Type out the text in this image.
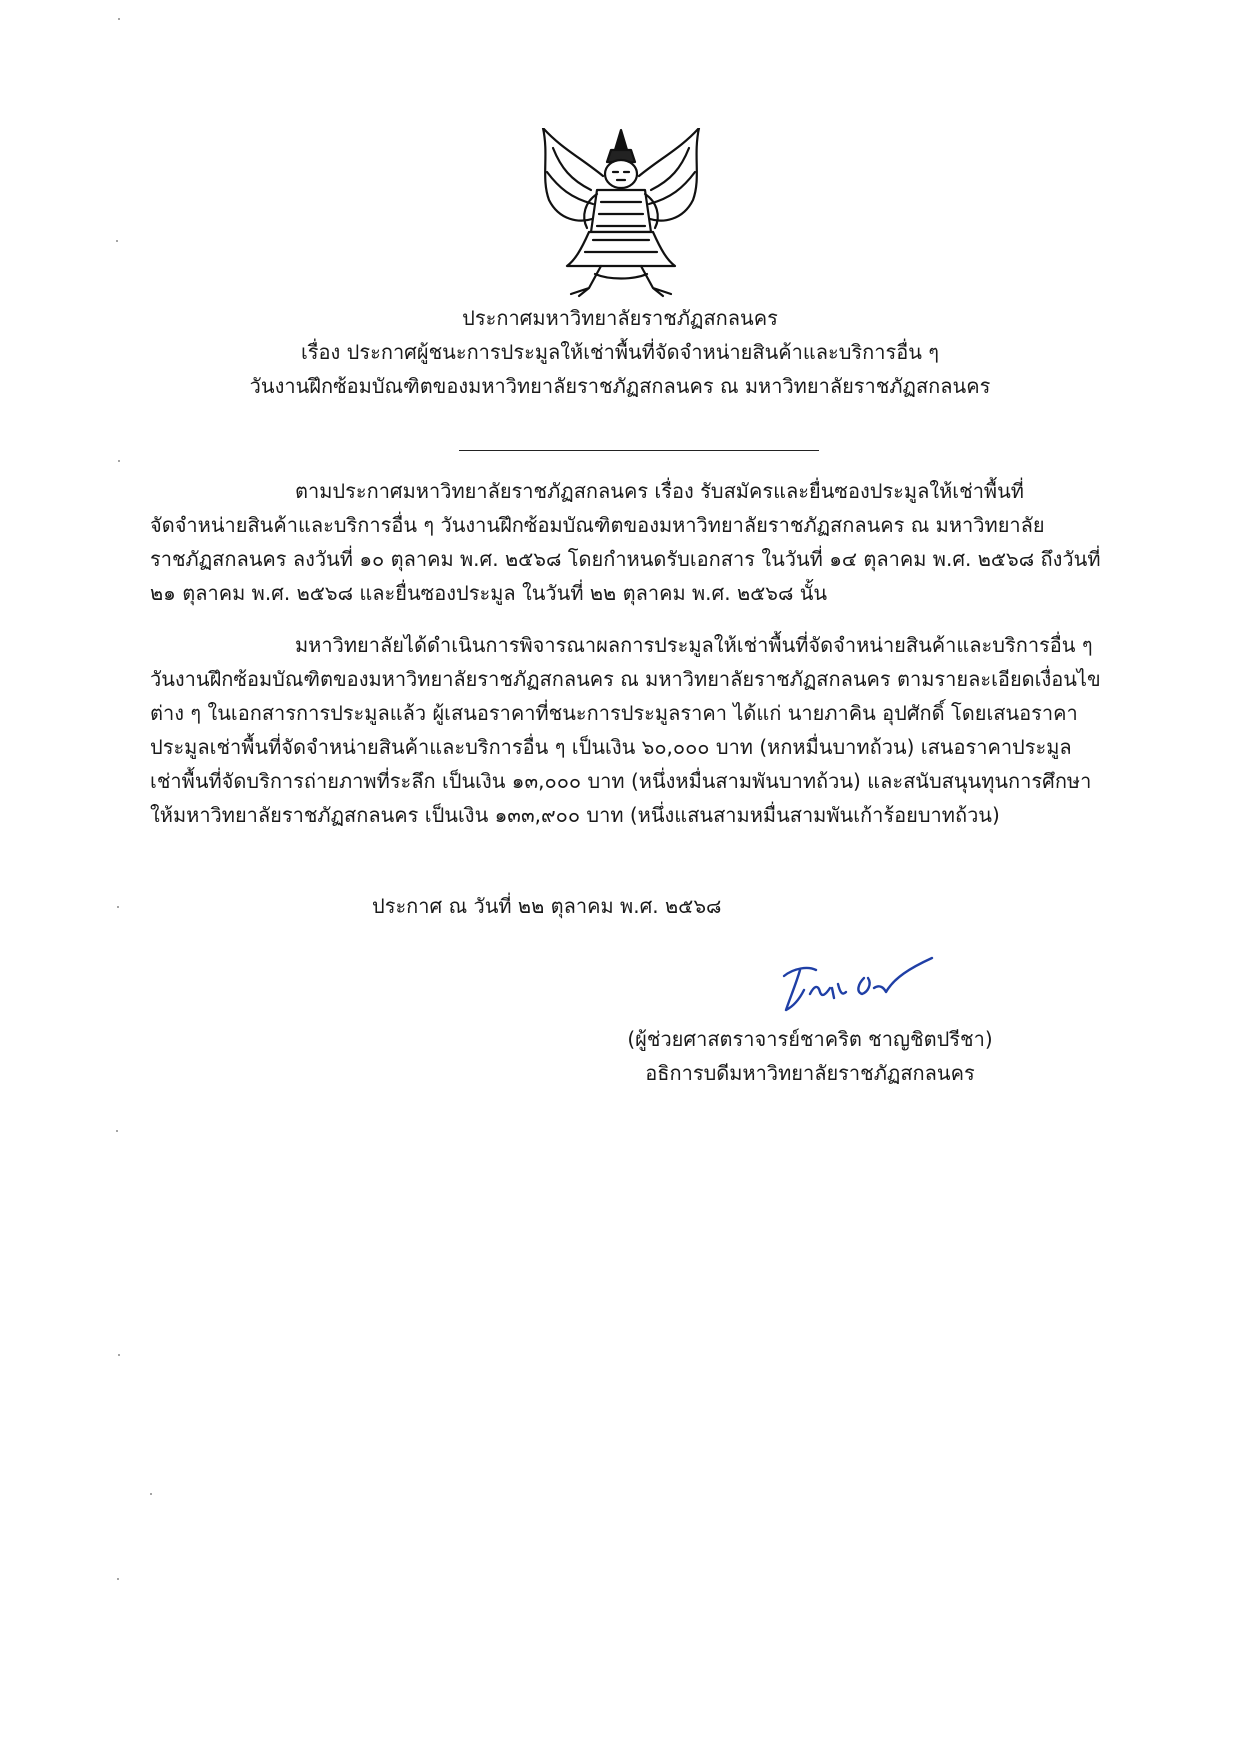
ประกาศมหาวิทยาลัยราชภัฏสกลนคร
เรื่อง ประกาศผู้ชนะการประมูลให้เช่าพื้นที่จัดจำหน่ายสินค้าและบริการอื่น ๆ
วันงานฝึกซ้อมบัณฑิตของมหาวิทยาลัยราชภัฏสกลนคร ณ มหาวิทยาลัยราชภัฏสกลนคร
ตามประกาศมหาวิทยาลัยราชภัฏสกลนคร เรื่อง รับสมัครและยื่นซองประมูลให้เช่าพื้นที่
จัดจำหน่ายสินค้าและบริการอื่น ๆ วันงานฝึกซ้อมบัณฑิตของมหาวิทยาลัยราชภัฏสกลนคร ณ มหาวิทยาลัย
ราชภัฏสกลนคร ลงวันที่ ๑๐ ตุลาคม พ.ศ. ๒๕๖๘ โดยกำหนดรับเอกสาร ในวันที่ ๑๔ ตุลาคม พ.ศ. ๒๕๖๘ ถึงวันที่
๒๑ ตุลาคม พ.ศ. ๒๕๖๘ และยื่นซองประมูล ในวันที่ ๒๒ ตุลาคม พ.ศ. ๒๕๖๘ นั้น
มหาวิทยาลัยได้ดำเนินการพิจารณาผลการประมูลให้เช่าพื้นที่จัดจำหน่ายสินค้าและบริการอื่น ๆ
วันงานฝึกซ้อมบัณฑิตของมหาวิทยาลัยราชภัฏสกลนคร ณ มหาวิทยาลัยราชภัฏสกลนคร ตามรายละเอียดเงื่อนไข
ต่าง ๆ ในเอกสารการประมูลแล้ว ผู้เสนอราคาที่ชนะการประมูลราคา ได้แก่ นายภาคิน อุปศักดิ์ โดยเสนอราคา
ประมูลเช่าพื้นที่จัดจำหน่ายสินค้าและบริการอื่น ๆ เป็นเงิน ๖๐,๐๐๐ บาท (หกหมื่นบาทถ้วน) เสนอราคาประมูล
เช่าพื้นที่จัดบริการถ่ายภาพที่ระลึก เป็นเงิน ๑๓,๐๐๐ บาท (หนึ่งหมื่นสามพันบาทถ้วน) และสนับสนุนทุนการศึกษา
ให้มหาวิทยาลัยราชภัฏสกลนคร เป็นเงิน ๑๓๓,๙๐๐ บาท (หนึ่งแสนสามหมื่นสามพันเก้าร้อยบาทถ้วน)
ประกาศ ณ วันที่ ๒๒ ตุลาคม พ.ศ. ๒๕๖๘
(ผู้ช่วยศาสตราจารย์ชาคริต ชาญชิตปรีชา)
อธิการบดีมหาวิทยาลัยราชภัฏสกลนคร
